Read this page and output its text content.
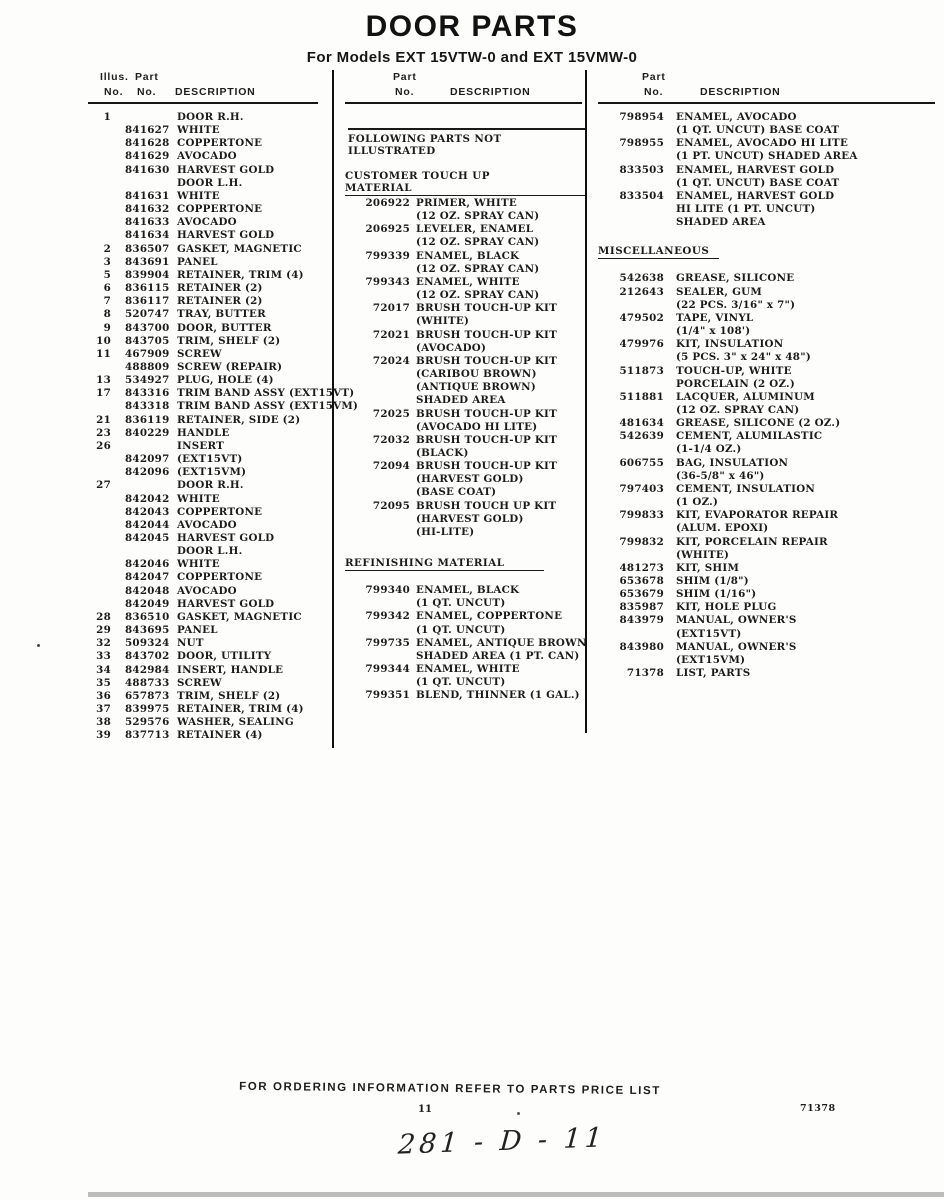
DOOR PARTS
For Models EXT 15VTW-0 and EXT 15VMW-0
Illus. Part
No. No. DESCRIPTION
Part
No.	DESCRIPTION
Part
No.	DESCRIPTION
1	DOOR R.H.
841627 WHITE
841628 COPPERTONE
841629 AVOCADO
841630 HARVEST GOLD
DOOR L.H.
841631 WHITE
841632 COPPERTONE
841633 AVOCADO
841634 HARVEST GOLD
2 836507 GASKET, MAGNETIC
3 843691 PANEL
5 839904 RETAINER, TRIM (4)
6 836115 RETAINER (2)
7 836117 RETAINER (2)
8 520747 TRAY, BUTTER
9 843700 DOOR, BUTTER
10 843705 TRIM, SHELF (2)
11 467909 SCREW
488809 SCREW (REPAIR)
13 534927 PLUG, HOLE (4)
17 843316 TRIM BAND ASSY (EXT15VT)
843318 TRIM BAND ASSY (EXT15VM)
21 836119 RETAINER, SIDE (2)
23 840229 HANDLE
26	INSERT
842097 (EXT15VT)
842096 (EXT15VM)
27	DOOR R.H.
842042 WHITE
842043 COPPERTONE
842044 AVOCADO
842045 HARVEST GOLD
DOOR L.H.
842046 WHITE
842047 COPPERTONE
842048 AVOCADO
842049 HARVEST GOLD
28 836510 GASKET, MAGNETIC
29 843695 PANEL
32 509324 NUT
33 843702 DOOR, UTILITY
34 842984 INSERT, HANDLE
35 488733 SCREW
36 657873 TRIM, SHELF (2)
37 839975 RETAINER, TRIM (4)
38 529576 WASHER, SEALING
39 837713 RETAINER (4)
FOLLOWING PARTS NOT ILLUSTRATED
CUSTOMER TOUCH UP MATERIAL
206922 PRIMER, WHITE
(12 OZ. SPRAY CAN)
206925 LEVELER, ENAMEL
(12 OZ. SPRAY CAN)
799339 ENAMEL, BLACK
(12 OZ. SPRAY CAN)
799343 ENAMEL, WHITE
(12 OZ. SPRAY CAN)
72017 BRUSH TOUCH-UP KIT
(WHITE)
72021 BRUSH TOUCH-UP KIT
(AVOCADO)
72024 BRUSH TOUCH-UP KIT
(CARIBOU BROWN)
(ANTIQUE BROWN)
SHADED AREA
72025 BRUSH TOUCH-UP KIT
(AVOCADO HI LITE)
72032 BRUSH TOUCH-UP KIT
(BLACK)
72094 BRUSH TOUCH-UP KIT
(HARVEST GOLD)
(BASE COAT)
72095 BRUSH TOUCH UP KIT
(HARVEST GOLD)
(HI-LITE)
REFINISHING MATERIAL
799340 ENAMEL, BLACK
(1 QT. UNCUT)
799342 ENAMEL, COPPERTONE
(1 QT. UNCUT)
799735 ENAMEL, ANTIQUE BROWN
SHADED AREA (1 PT. CAN)
799344 ENAMEL, WHITE
(1 QT. UNCUT)
799351 BLEND, THINNER (1 GAL.)
798954 ENAMEL, AVOCADO
(1 QT. UNCUT) BASE COAT
798955 ENAMEL, AVOCADO HI LITE
(1 PT. UNCUT) SHADED AREA
833503 ENAMEL, HARVEST GOLD
(1 QT. UNCUT) BASE COAT
833504 ENAMEL, HARVEST GOLD
HI LITE (1 PT. UNCUT)
SHADED AREA
MISCELLANEOUS
542638 GREASE, SILICONE
212643 SEALER, GUM
(22 PCS. 3/16" x 7")
479502 TAPE, VINYL
(1/4" x 108')
479976 KIT, INSULATION
(5 PCS. 3" x 24" x 48")
511873 TOUCH-UP, WHITE
PORCELAIN (2 OZ.)
511881 LACQUER, ALUMINUM
(12 OZ. SPRAY CAN)
481634 GREASE, SILICONE (2 OZ.)
542639 CEMENT, ALUMILASTIC
(1-1/4 OZ.)
606755 BAG, INSULATION
(36-5/8" x 46")
797403 CEMENT, INSULATION
(1 OZ.)
799833 KIT, EVAPORATOR REPAIR
(ALUM. EPOXI)
799832 KIT, PORCELAIN REPAIR
(WHITE)
481273 KIT, SHIM
653678 SHIM (1/8")
653679 SHIM (1/16")
835987 KIT, HOLE PLUG
843979 MANUAL, OWNER'S
(EXT15VT)
843980 MANUAL, OWNER'S
(EXT15VM)
71378 LIST, PARTS
FOR ORDERING INFORMATION REFER TO PARTS PRICE LIST
11	71378
281 - D - 11
